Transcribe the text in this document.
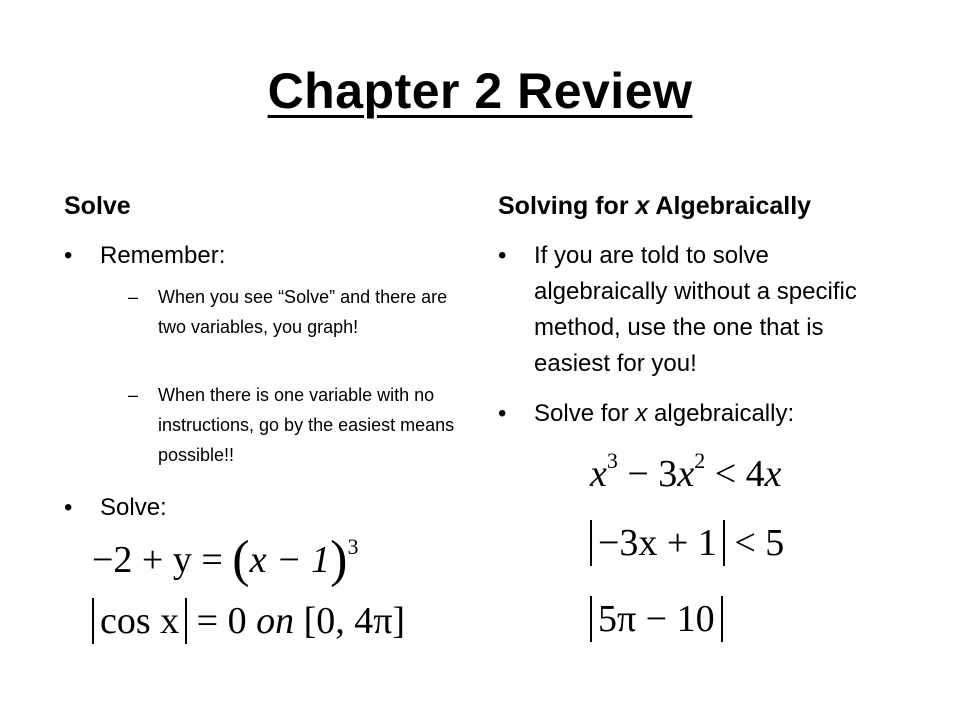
Chapter 2 Review
Solve
•	Remember:
–	When you see “Solve” and there are two variables, you graph!
–	When there is one variable with no instructions, go by the easiest means possible!!
•	Solve:
$-2 + y = (x - 1)^3$
cos x = 0 on [0, 4π]
Solving for x Algebraically
•	If you are told to solve algebraically without a specific method, use the one that is easiest for you!
•	Solve for x algebraically:
$x^3 - 3x^2 < 4x$
−3x + 1 < 5
5π − 10
